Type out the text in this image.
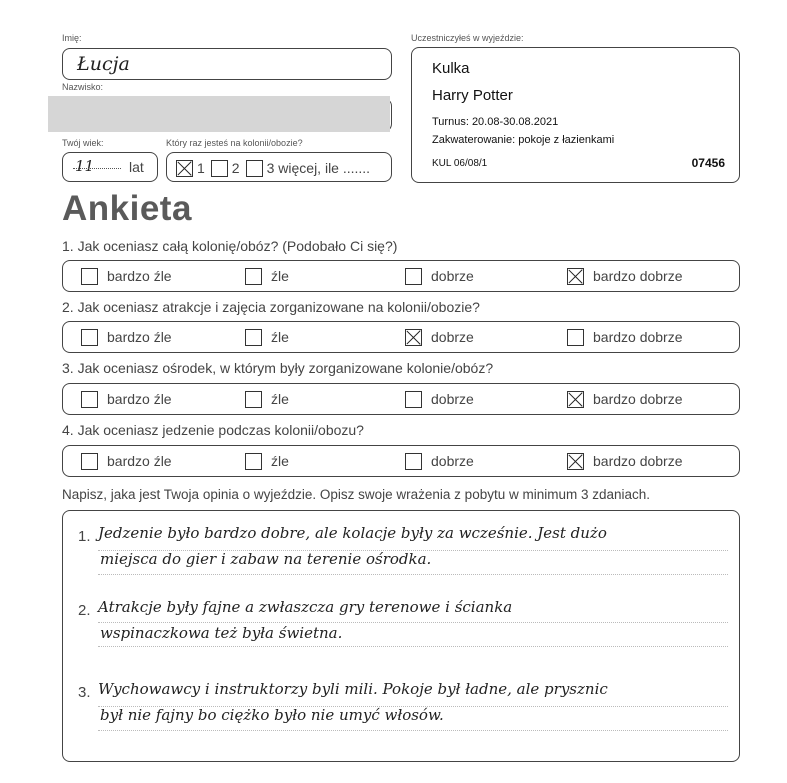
Imię:
Łucja
Nazwisko:
Twój wiek:
11 lat
Który raz jesteś na kolonii/obozie?
1 2 3 więcej, ile .......
Uczestniczyłeś w wyjeździe:
Kulka
Harry Potter
Turnus: 20.08-30.08.2021
Zakwaterowanie: pokoje z łazienkami
KUL 06/08/1	07456
Ankieta
1. Jak oceniasz całą kolonię/obóz? (Podobało Ci się?)
bardzo źle	źle	dobrze	bardzo dobrze
2. Jak oceniasz atrakcje i zajęcia zorganizowane na kolonii/obozie?
bardzo źle	źle	dobrze	bardzo dobrze
3. Jak oceniasz ośrodek, w którym były zorganizowane kolonie/obóz?
bardzo źle	źle	dobrze	bardzo dobrze
4. Jak oceniasz jedzenie podczas kolonii/obozu?
bardzo źle	źle	dobrze	bardzo dobrze
Napisz, jaka jest Twoja opinia o wyjeździe. Opisz swoje wrażenia z pobytu w minimum 3 zdaniach.
1. Jedzenie było bardzo dobre, ale kolacje były za wcześnie. Jest dużo
miejsca do gier i zabaw na terenie ośrodka.
2. Atrakcje były fajne a zwłaszcza gry terenowe i ścianka
wspinaczkowa też była świetna.
3. Wychowawcy i instruktorzy byli mili. Pokoje był ładne, ale prysznic
był nie fajny bo ciężko było nie umyć włosów.
